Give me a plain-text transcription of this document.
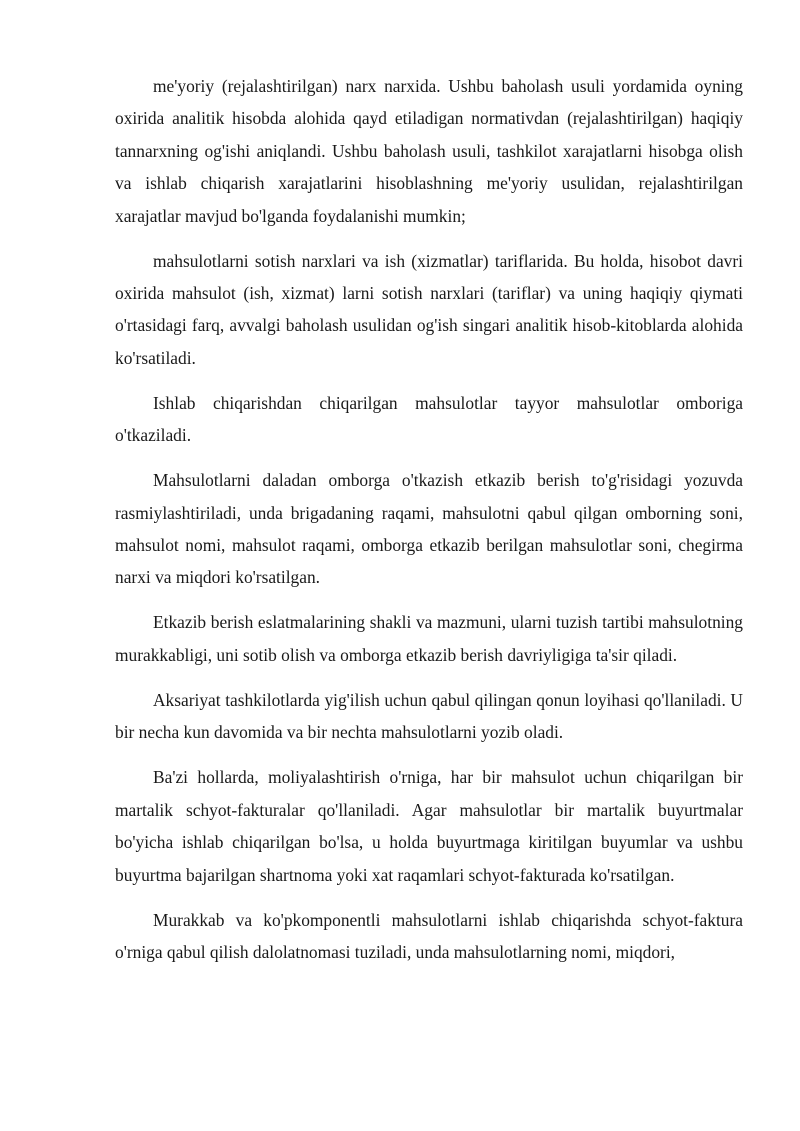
me'yoriy (rejalashtirilgan) narx narxida. Ushbu baholash usuli yordamida oyning oxirida analitik hisobda alohida qayd etiladigan normativdan (rejalashtirilgan) haqiqiy tannarxning og'ishi aniqlandi. Ushbu baholash usuli, tashkilot xarajatlarni hisobga olish va ishlab chiqarish xarajatlarini hisoblashning me'yoriy usulidan, rejalashtirilgan xarajatlar mavjud bo'lganda foydalanishi mumkin;

mahsulotlarni sotish narxlari va ish (xizmatlar) tariflarida. Bu holda, hisobot davri oxirida mahsulot (ish, xizmat) larni sotish narxlari (tariflar) va uning haqiqiy qiymati o'rtasidagi farq, avvalgi baholash usulidan og'ish singari analitik hisob-kitoblarda alohida ko'rsatiladi.

Ishlab chiqarishdan chiqarilgan mahsulotlar tayyor mahsulotlar omboriga o'tkaziladi.

Mahsulotlarni daladan omborga o'tkazish etkazib berish to'g'risidagi yozuvda rasmiylashtiriladi, unda brigadaning raqami, mahsulotni qabul qilgan omborning soni, mahsulot nomi, mahsulot raqami, omborga etkazib berilgan mahsulotlar soni, chegirma narxi va miqdori ko'rsatilgan.

Etkazib berish eslatmalarining shakli va mazmuni, ularni tuzish tartibi mahsulotning murakkabligi, uni sotib olish va omborga etkazib berish davriyligiga ta'sir qiladi.

Aksariyat tashkilotlarda yig'ilish uchun qabul qilingan qonun loyihasi qo'llaniladi. U bir necha kun davomida va bir nechta mahsulotlarni yozib oladi.

Ba'zi hollarda, moliyalashtirish o'rniga, har bir mahsulot uchun chiqarilgan bir martalik schyot-fakturalar qo'llaniladi. Agar mahsulotlar bir martalik buyurtmalar bo'yicha ishlab chiqarilgan bo'lsa, u holda buyurtmaga kiritilgan buyumlar va ushbu buyurtma bajarilgan shartnoma yoki xat raqamlari schyot-fakturada ko'rsatilgan.

Murakkab va ko'pkomponentli mahsulotlarni ishlab chiqarishda schyot-faktura o'rniga qabul qilish dalolatnomasi tuziladi, unda mahsulotlarning nomi, miqdori,
